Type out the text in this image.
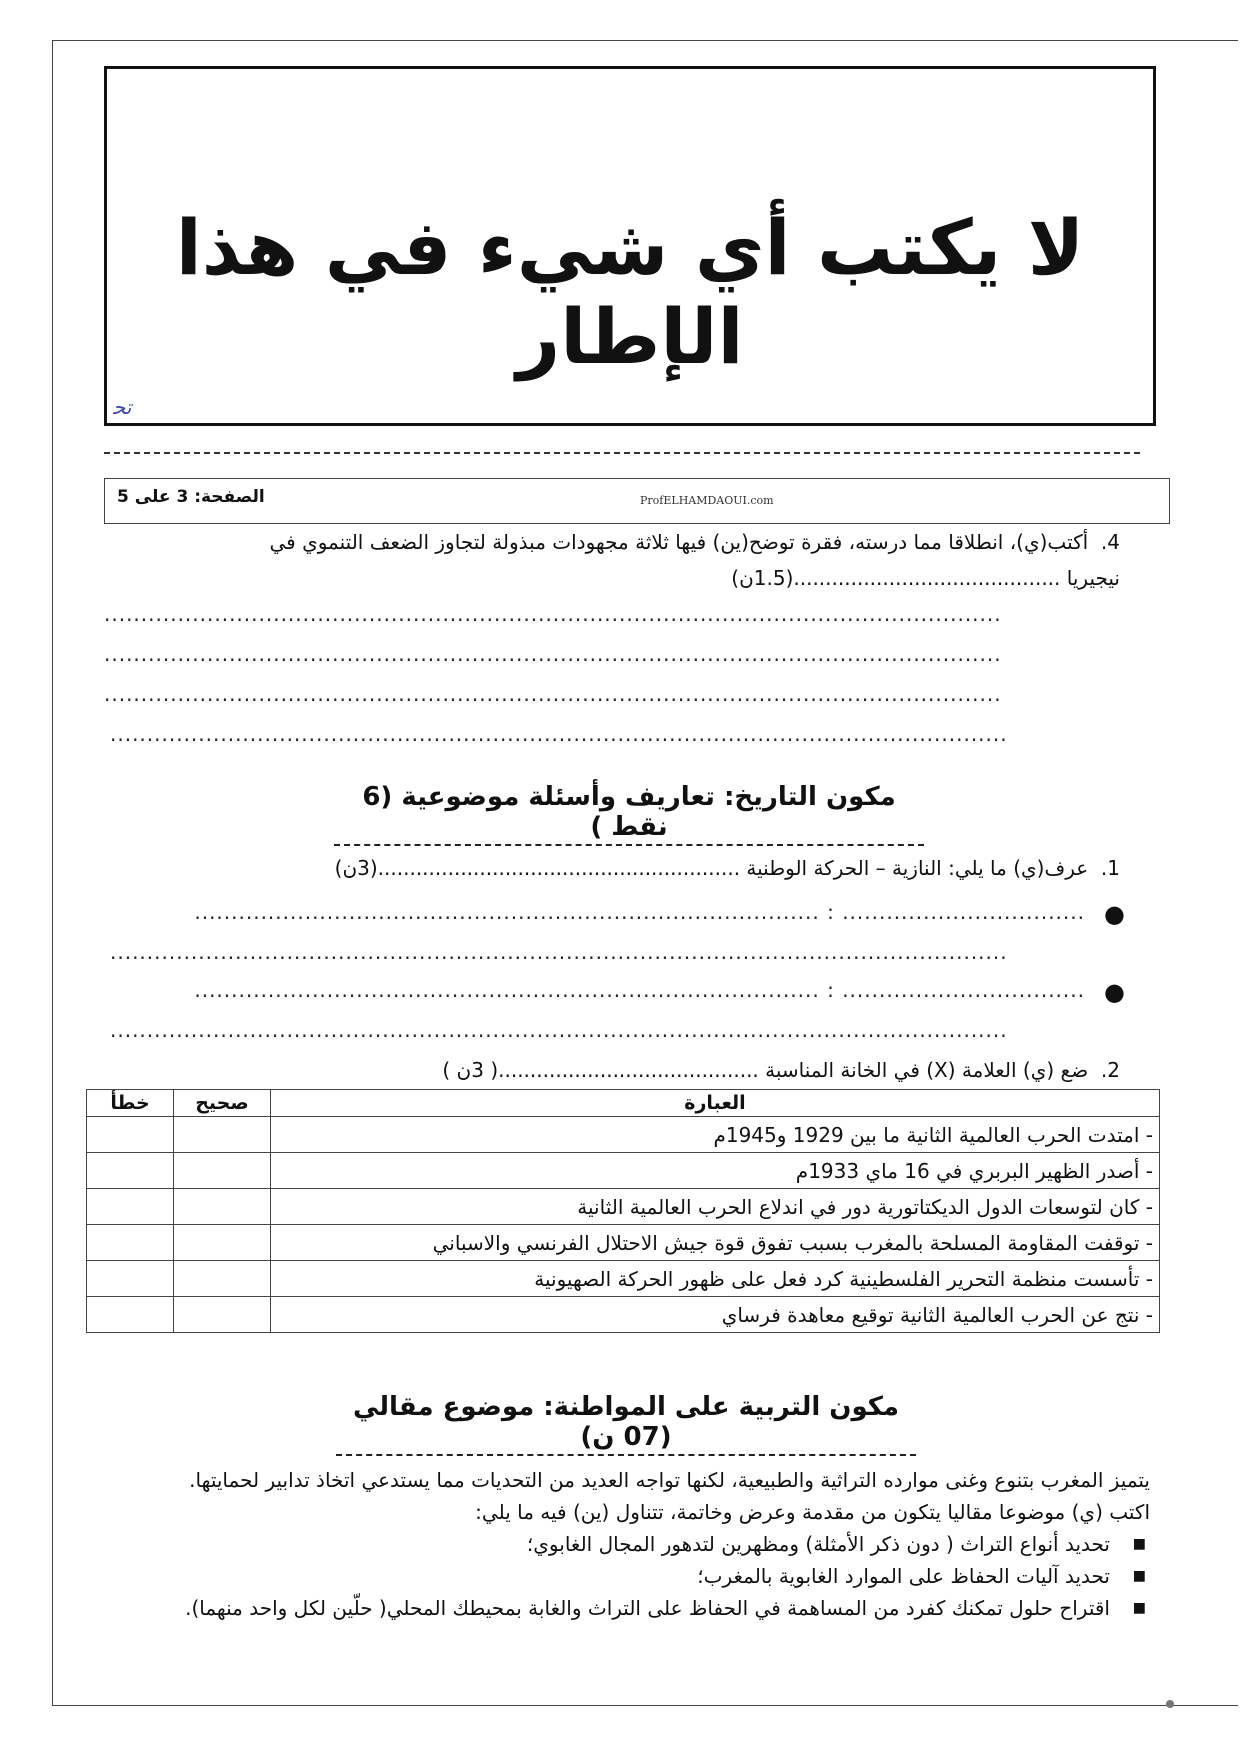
لا يكتب أي شيء في هذا الإطار
ﺗﺤ
الصفحة: 3 على 5	ProfELHAMDAOUI.com
4.  أكتب(ي)، انطلاقا مما درسته، فقرة توضح(ين) فيها ثلاثة مجهودات مبذولة لتجاوز الضعف التنموي في
نيجيريا ..........................................(1.5ن)
..........................................................................................................................
..........................................................................................................................
..........................................................................................................................
..........................................................................................................................
مكون التاريخ: تعاريف وأسئلة موضوعية (6 نقط )
1.  عرف(ي) ما يلي: النازية – الحركة الوطنية .........................................................(3ن)
●
................................. : .....................................................................................
..........................................................................................................................
●
................................. : .....................................................................................
..........................................................................................................................
2.  ضع (ي) العلامة (X) في الخانة المناسبة .........................................( 3ن )
العبارة	صحيح	خطأ
- امتدت الحرب العالمية الثانية ما بين 1929 و1945م		
- أصدر الظهير البربري في 16 ماي 1933م		
- كان لتوسعات الدول الديكتاتورية دور في اندلاع الحرب العالمية الثانية		
- توقفت المقاومة المسلحة بالمغرب بسبب تفوق قوة جيش الاحتلال الفرنسي والاسباني		
- تأسست منظمة التحرير الفلسطينية كرد فعل على ظهور الحركة الصهيونية		
- نتج عن الحرب العالمية الثانية توقيع معاهدة فرساي		
مكون التربية على المواطنة: موضوع مقالي (07 ن)
يتميز المغرب بتنوع وغنى موارده التراثية والطبيعية، لكنها تواجه العديد من التحديات مما يستدعي اتخاذ تدابير لحمايتها.
اكتب (ي) موضوعا مقاليا يتكون من مقدمة وعرض وخاتمة، تتناول (ين) فيه ما يلي:
■
تحديد أنواع التراث ( دون ذكر الأمثلة) ومظهرين لتدهور المجال الغابوي؛
■
تحديد آليات الحفاظ على الموارد الغابوية بالمغرب؛
■
اقتراح حلول تمكنك كفرد من المساهمة في الحفاظ على التراث والغابة بمحيطك المحلي( حلّين لكل واحد منهما).
